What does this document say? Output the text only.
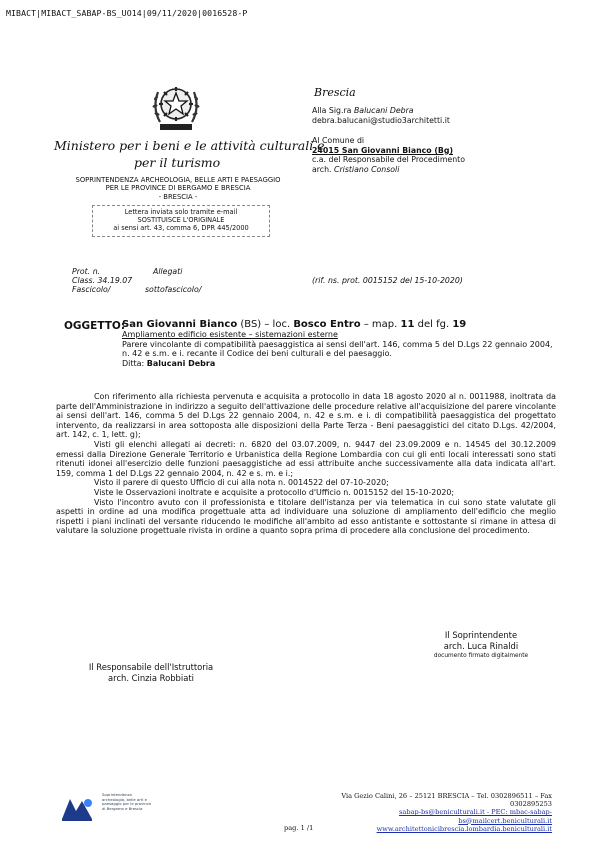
MIBACT|MIBACT_SABAP-BS_UO14|09/11/2020|0016528-P
Ministero per i beni e le attività culturali e
per il turismo
SOPRINTENDENZA ARCHEOLOGIA, BELLE ARTI E PAESAGGIO
PER LE PROVINCE DI BERGAMO E BRESCIA
- BRESCIA -
Lettera inviata solo tramite e-mail
SOSTITUISCE L'ORIGINALE
ai sensi art. 43, comma 6, DPR 445/2000
Brescia
Alla Sig.ra Balucani Debra
debra.balucani@studio3architetti.it
Al Comune di
24015 San Giovanni Bianco (Bg)
c.a. del Responsabile del Procedimento
arch. Cristiano Consoli
Prot. n.	Allegati
Class. 34.19.07
Fascicolo/	sottofascicolo/
(rif. ns. prot. 0015152 del 15-10-2020)
OGGETTO:
San Giovanni Bianco (BS) – loc. Bosco Entro – map. 11 del fg. 19
Ampliamento edificio esistente – sistemazioni esterne
Parere vincolante di compatibilità paesaggistica ai sensi dell'art. 146, comma 5 del D.Lgs 22 gennaio 2004, n. 42 e s.m. e i. recante il Codice dei beni culturali e del paesaggio.
Ditta: Balucani Debra

Con riferimento alla richiesta pervenuta e acquisita a protocollo in data 18 agosto 2020 al n. 0011988, inoltrata da parte dell'Amministrazione in indirizzo a seguito dell'attivazione delle procedure relative all'acquisizione del parere vincolante ai sensi dell'art. 146, comma 5 del D.Lgs 22 gennaio 2004, n. 42 e s.m. e i. di compatibilità paesaggistica del progettato intervento, da realizzarsi in area sottoposta alle disposizioni della Parte Terza - Beni paesaggistici del citato D.Lgs. 42/2004, art. 142, c. 1, lett. g);

Visti gli elenchi allegati ai decreti: n. 6820 del 03.07.2009, n. 9447 del 23.09.2009 e n. 14545 del 30.12.2009 emessi dalla Direzione Generale Territorio e Urbanistica della Regione Lombardia con cui gli enti locali interessati sono stati ritenuti idonei all'esercizio delle funzioni paesaggistiche ad essi attribuite anche successivamente alla data indicata all'art. 159, comma 1 del D.Lgs 22 gennaio 2004, n. 42 e s. m. e i.;

Visto il parere di questo Ufficio di cui alla nota n. 0014522 del 07-10-2020;

Viste le Osservazioni inoltrate e acquisite a protocollo d'Ufficio n. 0015152 del 15-10-2020;

Visto l'incontro avuto con il professionista e titolare dell'istanza per via telematica in cui sono state valutate gli aspetti in ordine ad una modifica progettuale atta ad individuare una soluzione di ampliamento dell'edificio che meglio rispetti i piani inclinati del versante riducendo le modifiche all'ambito ad esso antistante e sottostante si rimane in attesa di valutare la soluzione progettuale rivista in ordine a quanto sopra prima di procedere alla conclusione del procedimento.

Il Soprintendente
arch. Luca Rinaldi
documento firmato digitalmente
Il Responsabile dell'Istruttoria
arch. Cinzia Robbiati
Soprintendenza archeologia, belle arti e paesaggio per le province di Bergamo e Brescia
Via Gezio Calini, 26 – 25121 BRESCIA – Tel. 0302896511 – Fax 0302895253
sabap-bs@beniculturali.it - PEC: mbac-sabap-bs@mailcert.beniculturali.it
www.architettonicibrescia.lombardia.beniculturali.it
pag. 1 /1
